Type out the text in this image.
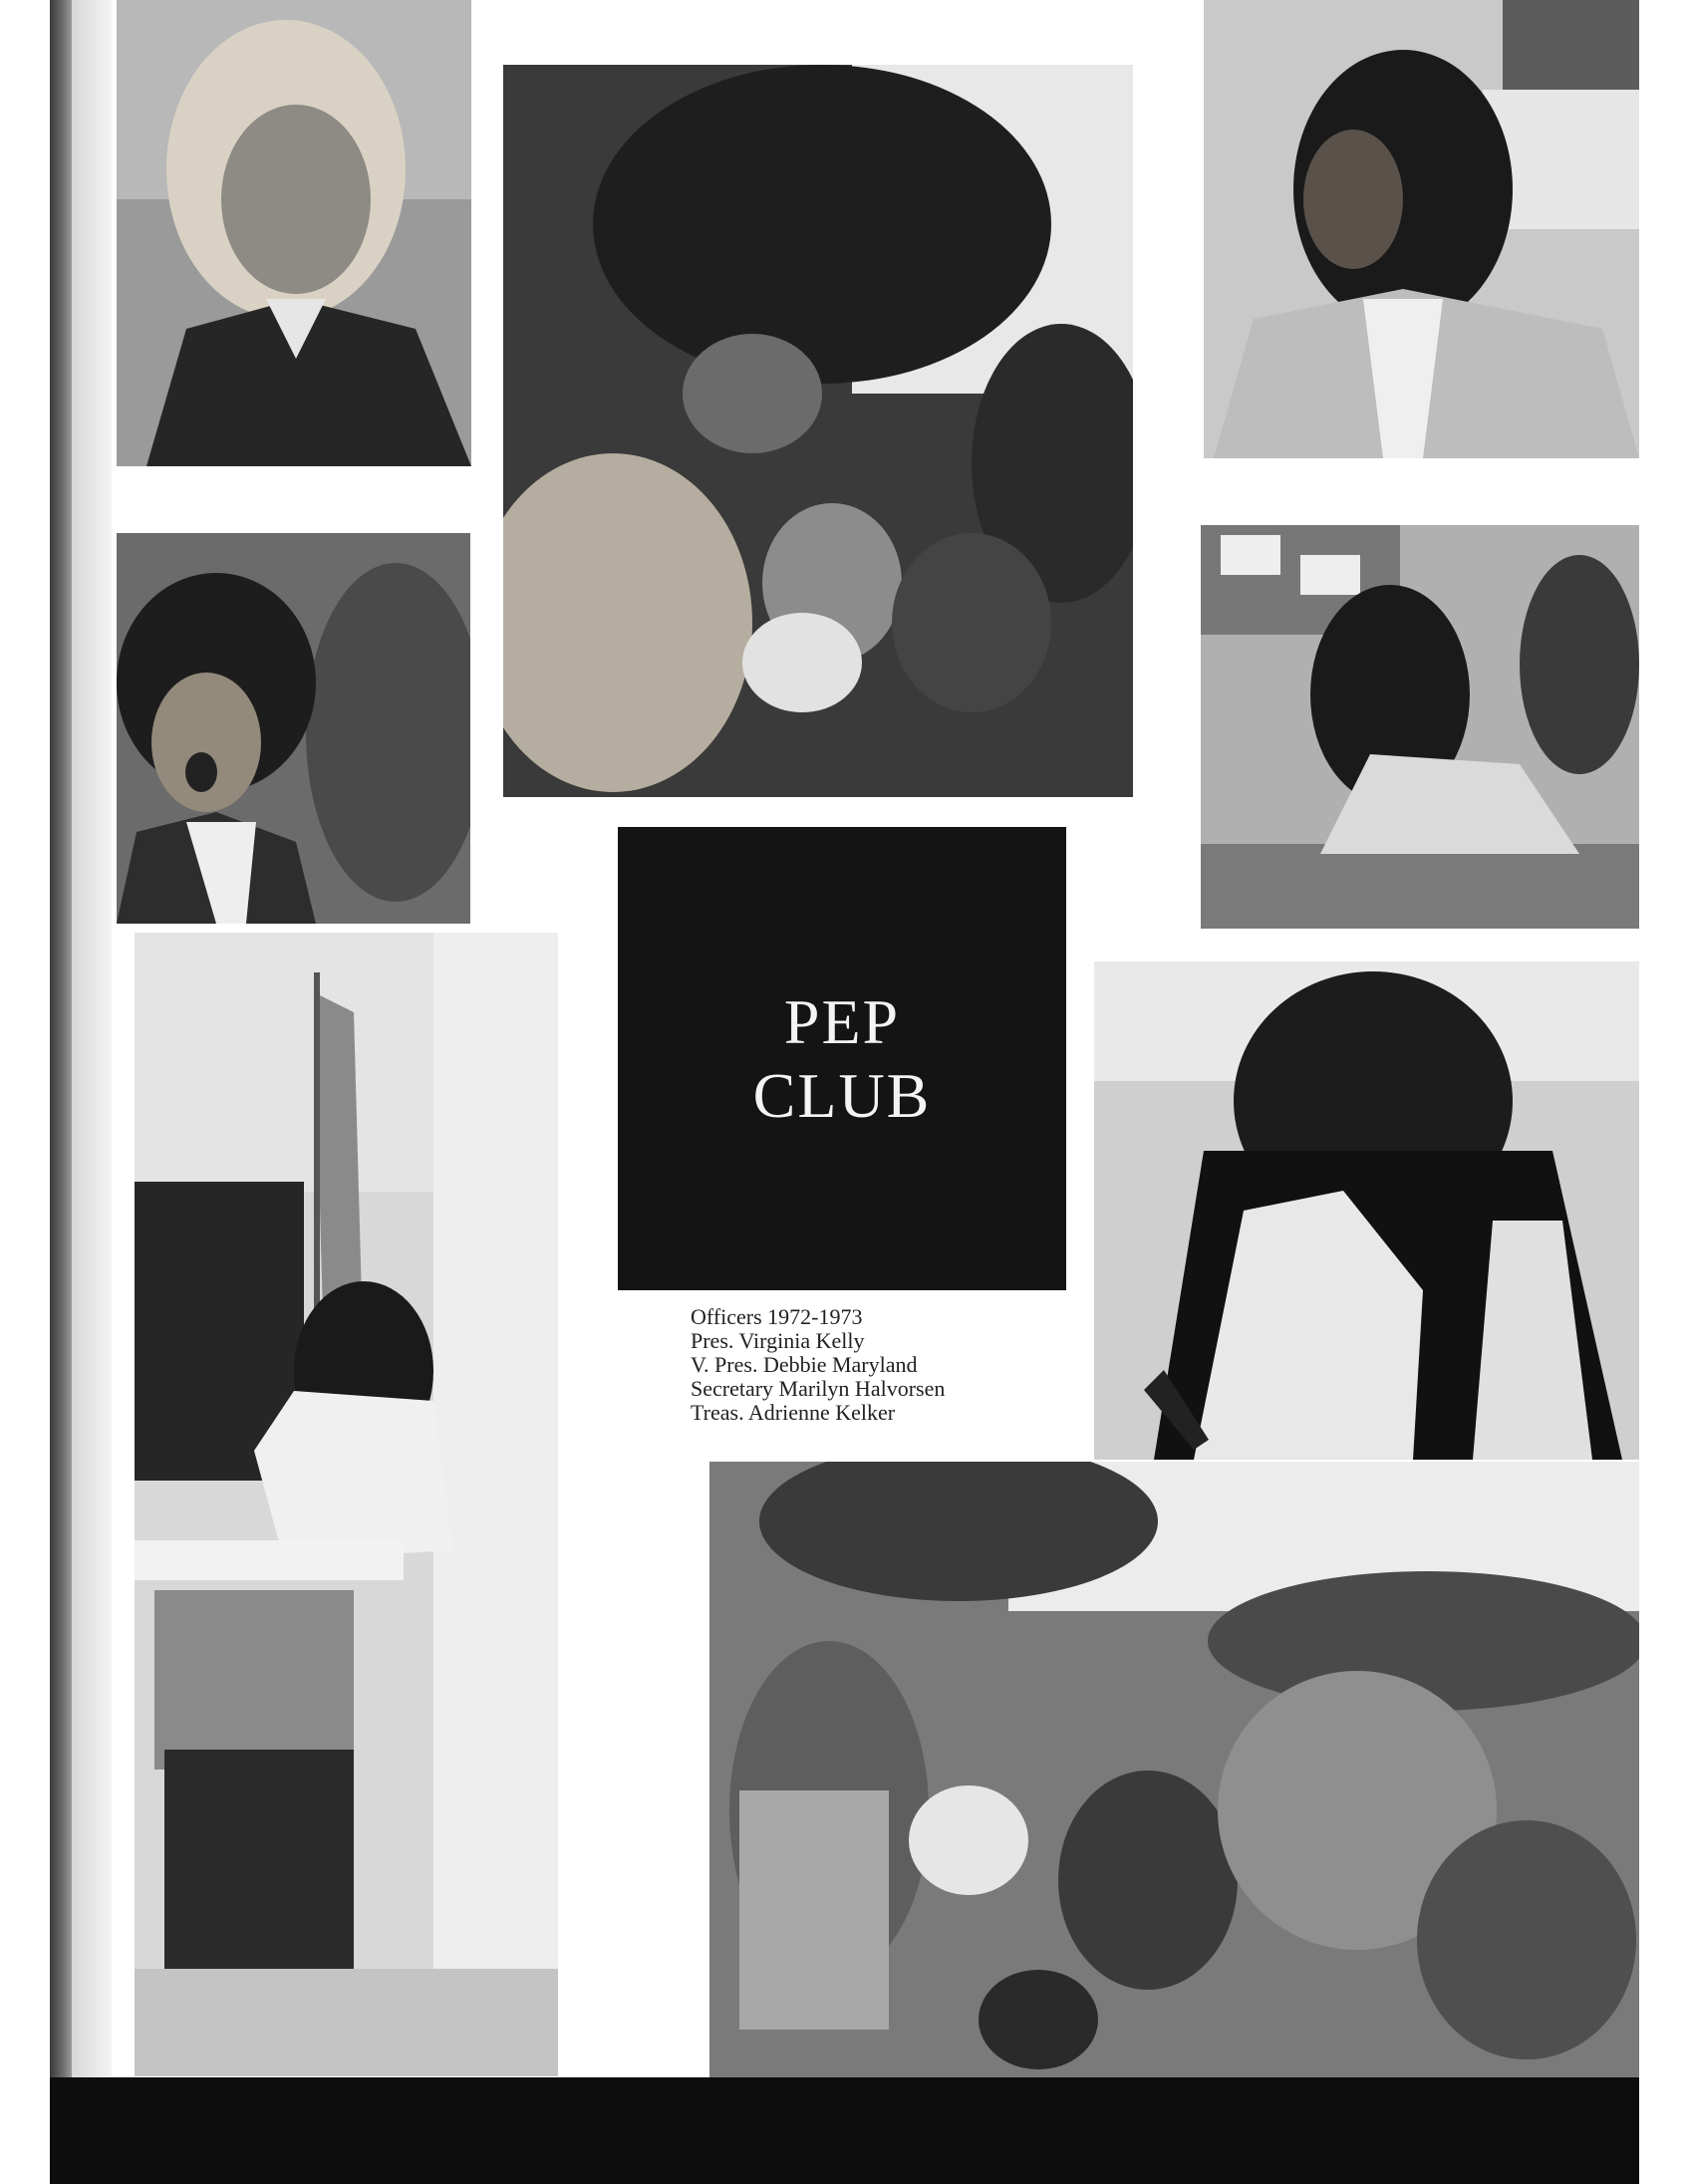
PEP
CLUB
Officers 1972-1973
Pres. Virginia Kelly
V. Pres. Debbie Maryland
Secretary Marilyn Halvorsen
Treas. Adrienne Kelker
